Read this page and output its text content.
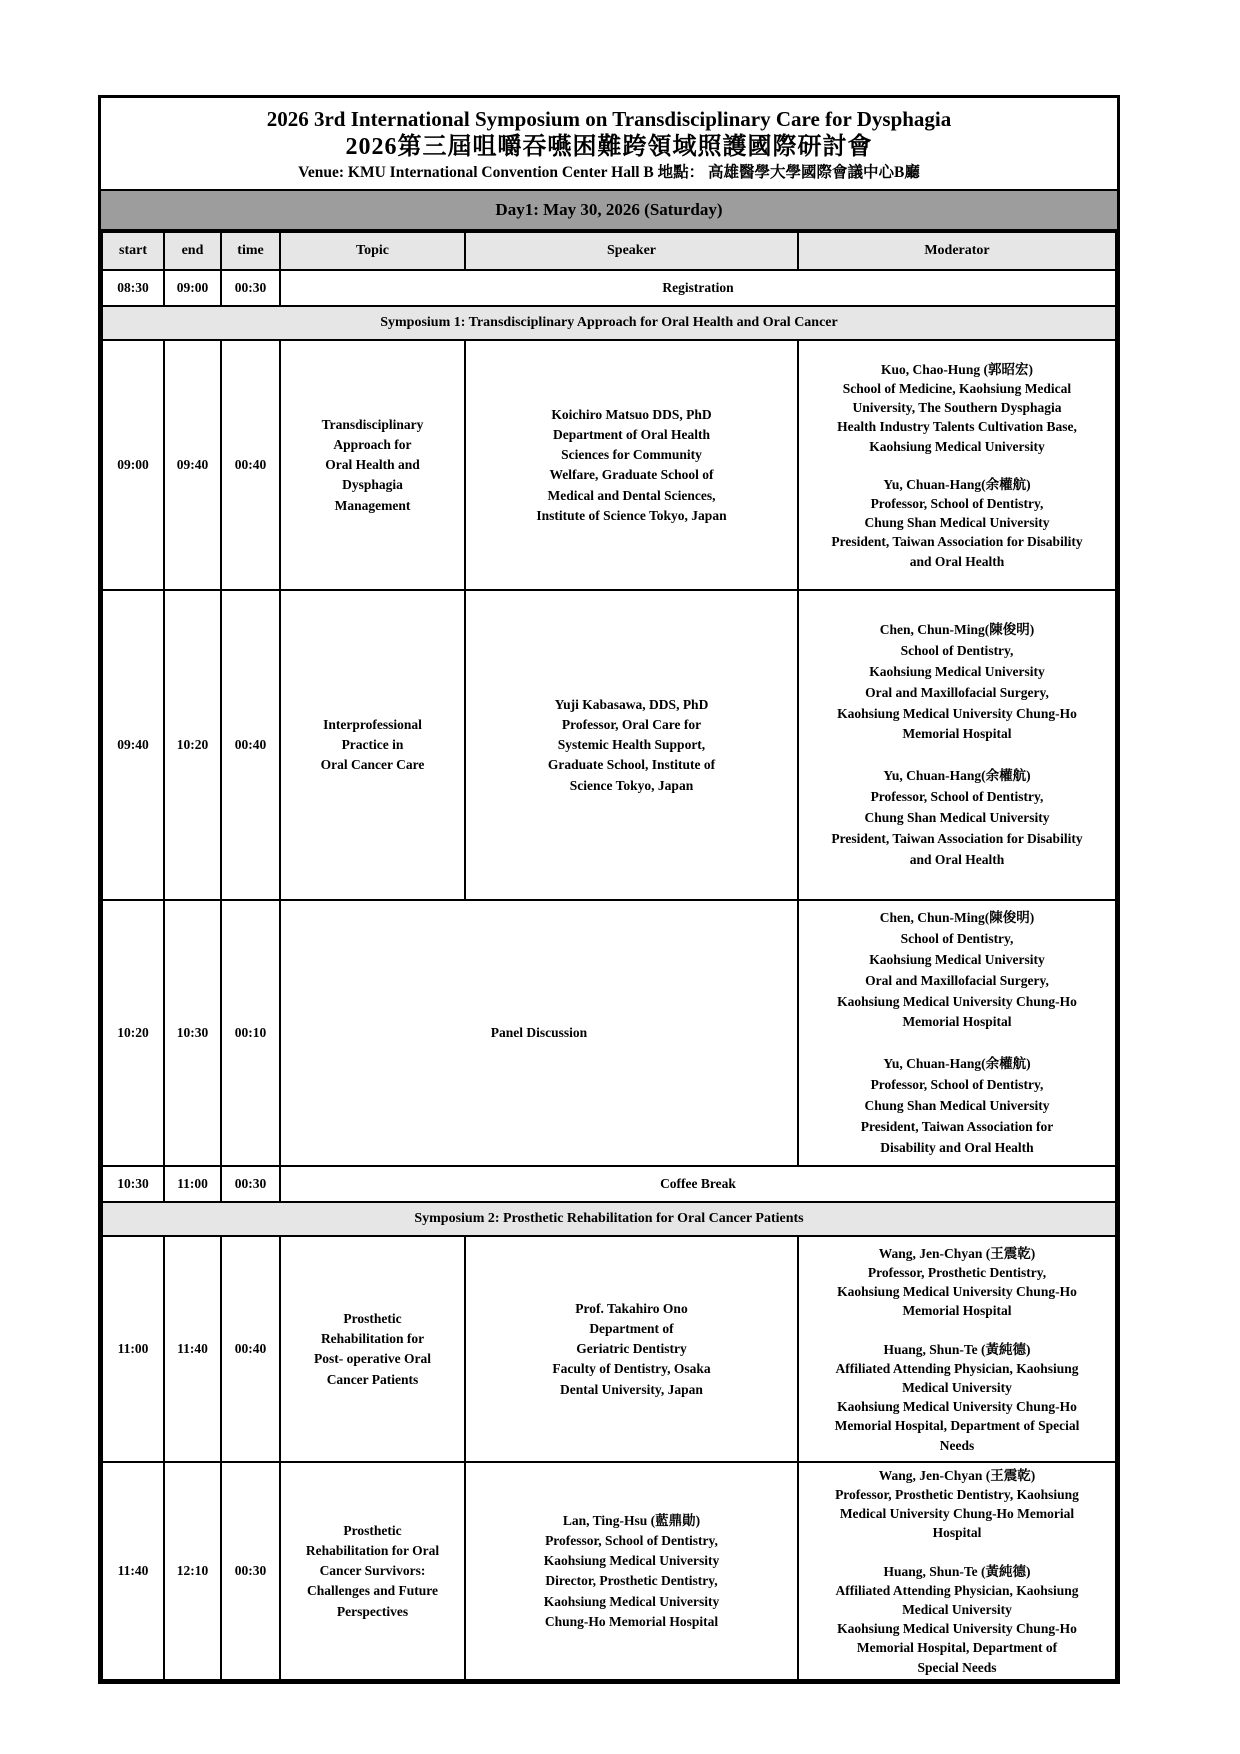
2026 3rd International Symposium on Transdisciplinary Care for Dysphagia
2026第三屆咀嚼吞嚥困難跨領域照護國際研討會
Venue: KMU International Convention Center Hall B 地點： 高雄醫學大學國際會議中心B廳
Day1: May 30, 2026 (Saturday)
start	end	time	Topic	Speaker	Moderator
08:30	09:00	00:30	Registration		
Symposium 1: Transdisciplinary Approach for Oral Health and Oral Cancer					
09:00	09:40	00:40	Transdisciplinary
Approach for
Oral Health and
Dysphagia
Management	Koichiro Matsuo DDS, PhD
Department of Oral Health
Sciences for Community
Welfare, Graduate School of
Medical and Dental Sciences,
Institute of Science Tokyo, Japan	Kuo, Chao-Hung (郭昭宏)
School of Medicine, Kaohsiung Medical
University, The Southern Dysphagia
Health Industry Talents Cultivation Base,
Kaohsiung Medical University

Yu, Chuan-Hang(余權航)
Professor, School of Dentistry,
Chung Shan Medical University
President, Taiwan Association for Disability
and Oral Health
09:40	10:20	00:40	Interprofessional
Practice in
Oral Cancer Care	Yuji Kabasawa, DDS, PhD
Professor, Oral Care for
Systemic Health Support,
Graduate School, Institute of
Science Tokyo, Japan	Chen, Chun-Ming(陳俊明)
School of Dentistry,
Kaohsiung Medical University
Oral and Maxillofacial Surgery,
Kaohsiung Medical University Chung-Ho
Memorial Hospital

Yu, Chuan-Hang(余權航)
Professor, School of Dentistry,
Chung Shan Medical University
President, Taiwan Association for Disability
and Oral Health
10:20	10:30	00:10	Panel Discussion	Chen, Chun-Ming(陳俊明)
School of Dentistry,
Kaohsiung Medical University
Oral and Maxillofacial Surgery,
Kaohsiung Medical University Chung-Ho
Memorial Hospital

Yu, Chuan-Hang(余權航)
Professor, School of Dentistry,
Chung Shan Medical University
President, Taiwan Association for
Disability and Oral Health
10:30	11:00	00:30	Coffee Break		
Symposium 2: Prosthetic Rehabilitation for Oral Cancer Patients					
11:00	11:40	00:40	Prosthetic
Rehabilitation for
Post- operative Oral
Cancer Patients	Prof. Takahiro Ono
Department of
Geriatric Dentistry
Faculty of Dentistry, Osaka
Dental University, Japan	Wang, Jen-Chyan (王震乾)
Professor, Prosthetic Dentistry,
Kaohsiung Medical University Chung-Ho
Memorial Hospital

Huang, Shun-Te (黃純德)
Affiliated Attending Physician, Kaohsiung
Medical University
Kaohsiung Medical University Chung-Ho
Memorial Hospital, Department of Special
Needs
11:40	12:10	00:30	Prosthetic
Rehabilitation for Oral
Cancer Survivors:
Challenges and Future
Perspectives	Lan, Ting-Hsu (藍鼎勛)
Professor, School of Dentistry,
Kaohsiung Medical University
Director, Prosthetic Dentistry,
Kaohsiung Medical University
Chung-Ho Memorial Hospital	Wang, Jen-Chyan (王震乾)
Professor, Prosthetic Dentistry, Kaohsiung
Medical University Chung-Ho Memorial
Hospital

Huang, Shun-Te (黃純德)
Affiliated Attending Physician, Kaohsiung
Medical University
Kaohsiung Medical University Chung-Ho
Memorial Hospital, Department of
Special Needs
